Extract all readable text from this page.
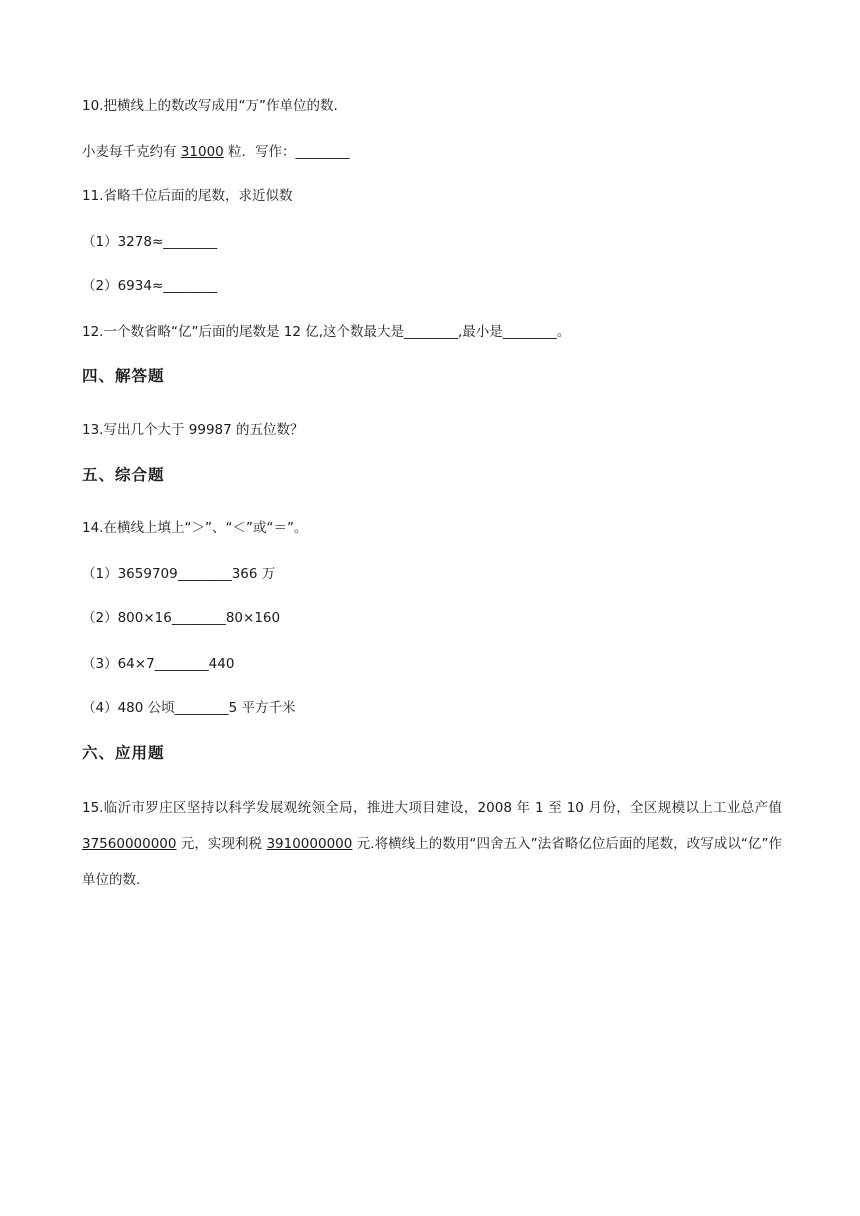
10.把横线上的数改写成用“万”作单位的数.
小麦每千克约有 31000 粒．写作：________
11.省略千位后面的尾数，求近似数
（1）3278≈________
（2）6934≈________
12.一个数省略“亿”后面的尾数是 12 亿,这个数最大是________,最小是________。
四、解答题
13.写出几个大于 99987 的五位数？
五、综合题
14.在横线上填上“＞”、“＜”或“＝”。
（1）3659709________366 万
（2）800×16________80×160
（3）64×7________440
（4）480 公顷________5 平方千米
六、应用题
15.临沂市罗庄区坚持以科学发展观统领全局，推进大项目建设，2008 年 1 至 10 月份，全区规模以上工业总产值 37560000000 元，实现利税 3910000000 元.将横线上的数用“四舍五入”法省略亿位后面的尾数，改写成以“亿”作单位的数.
